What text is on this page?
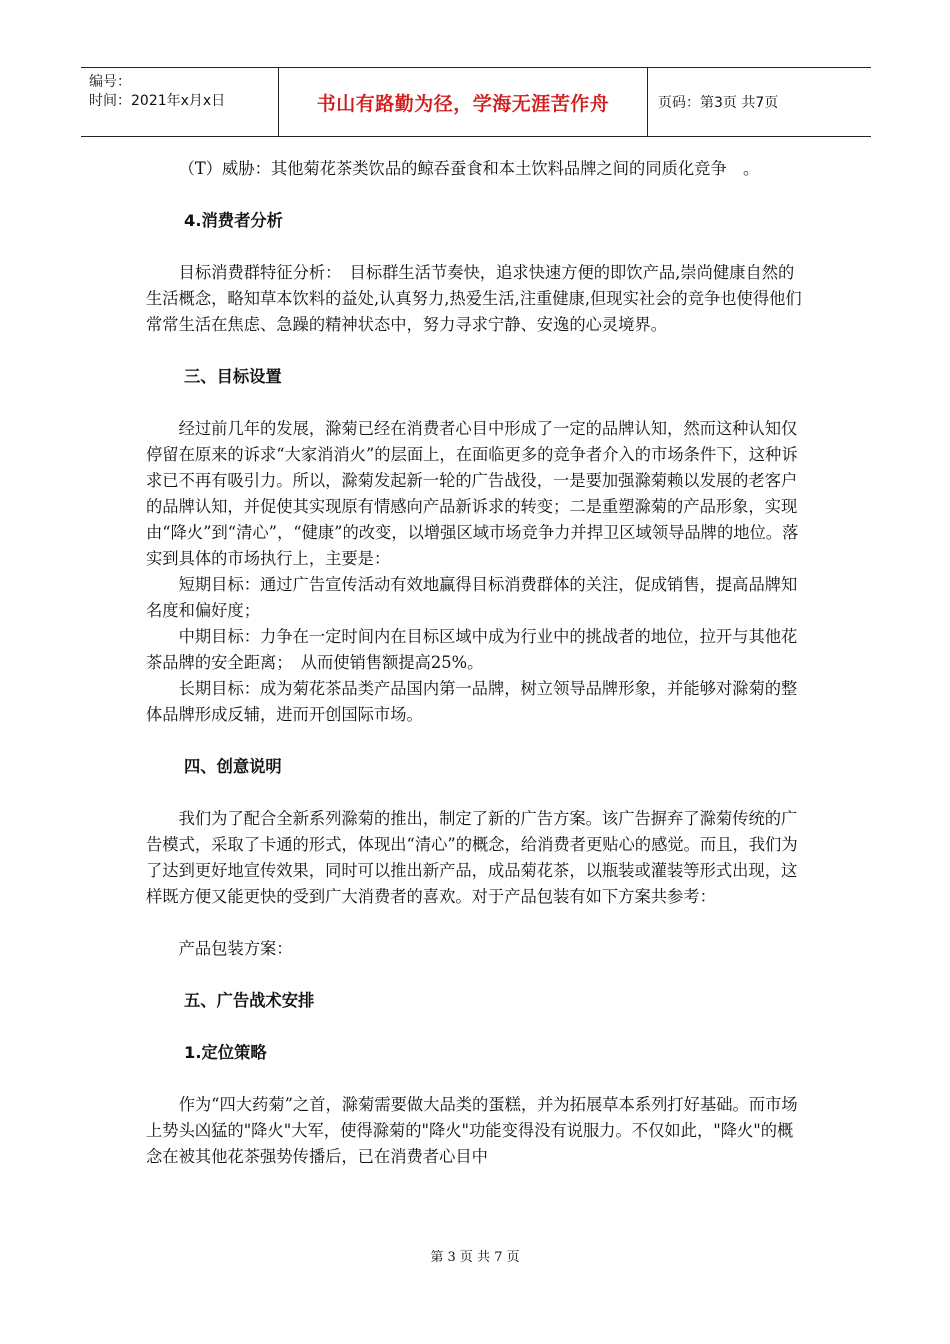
编号：
时间：2021年x月x日	书山有路勤为径，学海无涯苦作舟	页码：第3页 共7页

（T）威胁：其他菊花茶类饮品的鲸吞蚕食和本土饮料品牌之间的同质化竞争　。

4.消费者分析

目标消费群特征分析：　目标群生活节奏快，追求快速方便的即饮产品,崇尚健康自然的生活概念，略知草本饮料的益处,认真努力,热爱生活,注重健康,但现实社会的竞争也使得他们常常生活在焦虑、急躁的精神状态中，努力寻求宁静、安逸的心灵境界。

三、目标设置

经过前几年的发展，滁菊已经在消费者心目中形成了一定的品牌认知，然而这种认知仅停留在原来的诉求“大家消消火”的层面上，在面临更多的竞争者介入的市场条件下，这种诉求已不再有吸引力。所以，滁菊发起新一轮的广告战役，一是要加强滁菊赖以发展的老客户的品牌认知，并促使其实现原有情感向产品新诉求的转变；二是重塑滁菊的产品形象，实现由“降火”到“清心”，“健康”的改变，以增强区域市场竞争力并捍卫区域领导品牌的地位。落实到具体的市场执行上，主要是：

短期目标：通过广告宣传活动有效地赢得目标消费群体的关注，促成销售，提高品牌知名度和偏好度；

中期目标：力争在一定时间内在目标区域中成为行业中的挑战者的地位，拉开与其他花茶品牌的安全距离；　从而使销售额提高25%。

长期目标：成为菊花茶品类产品国内第一品牌，树立领导品牌形象，并能够对滁菊的整体品牌形成反辅，进而开创国际市场。

四、创意说明

我们为了配合全新系列滁菊的推出，制定了新的广告方案。该广告摒弃了滁菊传统的广告模式，采取了卡通的形式，体现出“清心”的概念，给消费者更贴心的感觉。而且，我们为了达到更好地宣传效果，同时可以推出新产品，成品菊花茶，以瓶装或灌装等形式出现，这样既方便又能更快的受到广大消费者的喜欢。对于产品包装有如下方案共参考：

产品包装方案：

五、广告战术安排

1.定位策略

作为“四大药菊”之首，滁菊需要做大品类的蛋糕，并为拓展草本系列打好基础。而市场上势头凶猛的"降火"大军，使得滁菊的"降火"功能变得没有说服力。不仅如此，"降火"的概念在被其他花茶强势传播后，已在消费者心目中

第 3 页 共 7 页
